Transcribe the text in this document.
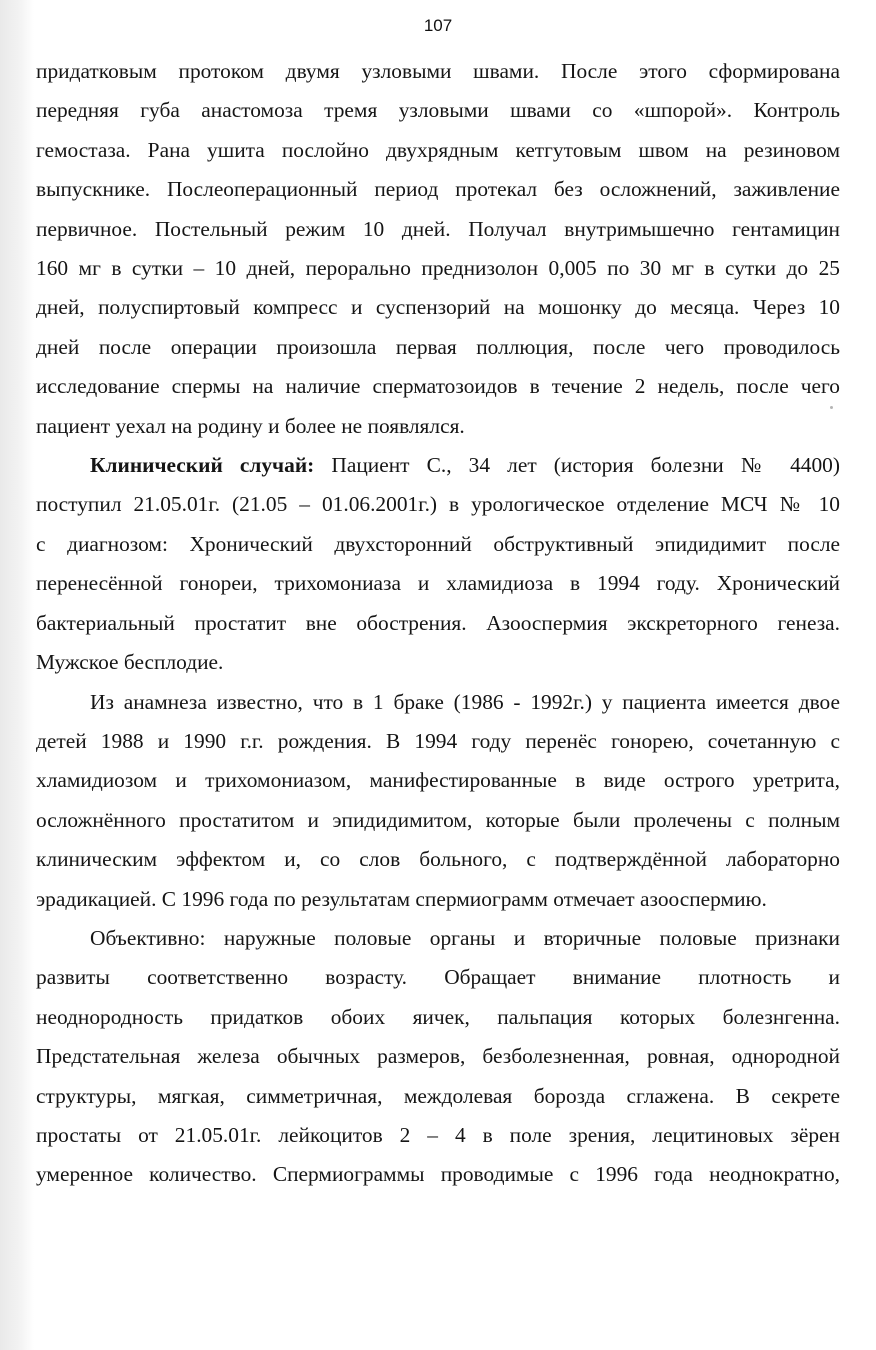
107

придатковым протоком двумя узловыми швами. После этого сформирована
передняя губа анастомоза тремя узловыми швами со «шпорой». Контроль
гемостаза. Рана ушита послойно двухрядным кетгутовым швом на резиновом
выпускнике. Послеоперационный период протекал без осложнений, заживление
первичное. Постельный режим 10 дней. Получал внутримышечно гентамицин
160 мг в сутки – 10 дней, перорально преднизолон 0,005 по 30 мг в сутки до 25
дней, полуспиртовый компресс и суспензорий на мошонку до месяца. Через 10
дней после операции произошла первая поллюция, после чего проводилось
исследование спермы на наличие сперматозоидов в течение 2 недель, после чего
пациент уехал на родину и более не появлялся.

Клинический случай: Пациент С., 34 лет (история болезни № 4400)
поступил 21.05.01г. (21.05 – 01.06.2001г.) в урологическое отделение МСЧ № 10
с диагнозом: Хронический двухсторонний обструктивный эпидидимит после
перенесённой гонореи, трихомониаза и хламидиоза в 1994 году. Хронический
бактериальный простатит вне обострения. Азооспермия экскреторного генеза.
Мужское бесплодие.

Из анамнеза известно, что в 1 браке (1986 - 1992г.) у пациента имеется двое
детей 1988 и 1990 г.г. рождения. В 1994 году перенёс гонорею, сочетанную с
хламидиозом и трихомониазом, манифестированные в виде острого уретрита,
осложнённого простатитом и эпидидимитом, которые были пролечены с полным
клиническим эффектом и, со слов больного, с подтверждённой лабораторно
эрадикацией. С 1996 года по результатам спермиограмм отмечает азооспермию.

Объективно: наружные половые органы и вторичные половые признаки
развиты соответственно возрасту. Обращает внимание плотность и
неоднородность придатков обоих яичек, пальпация которых болезнгенна.
Предстательная железа обычных размеров, безболезненная, ровная, однородной
структуры, мягкая, симметричная, междолевая борозда сглажена. В секрете
простаты от 21.05.01г. лейкоцитов 2 – 4 в поле зрения, лецитиновых зёрен
умеренное количество. Спермиограммы проводимые с 1996 года неоднократно,
